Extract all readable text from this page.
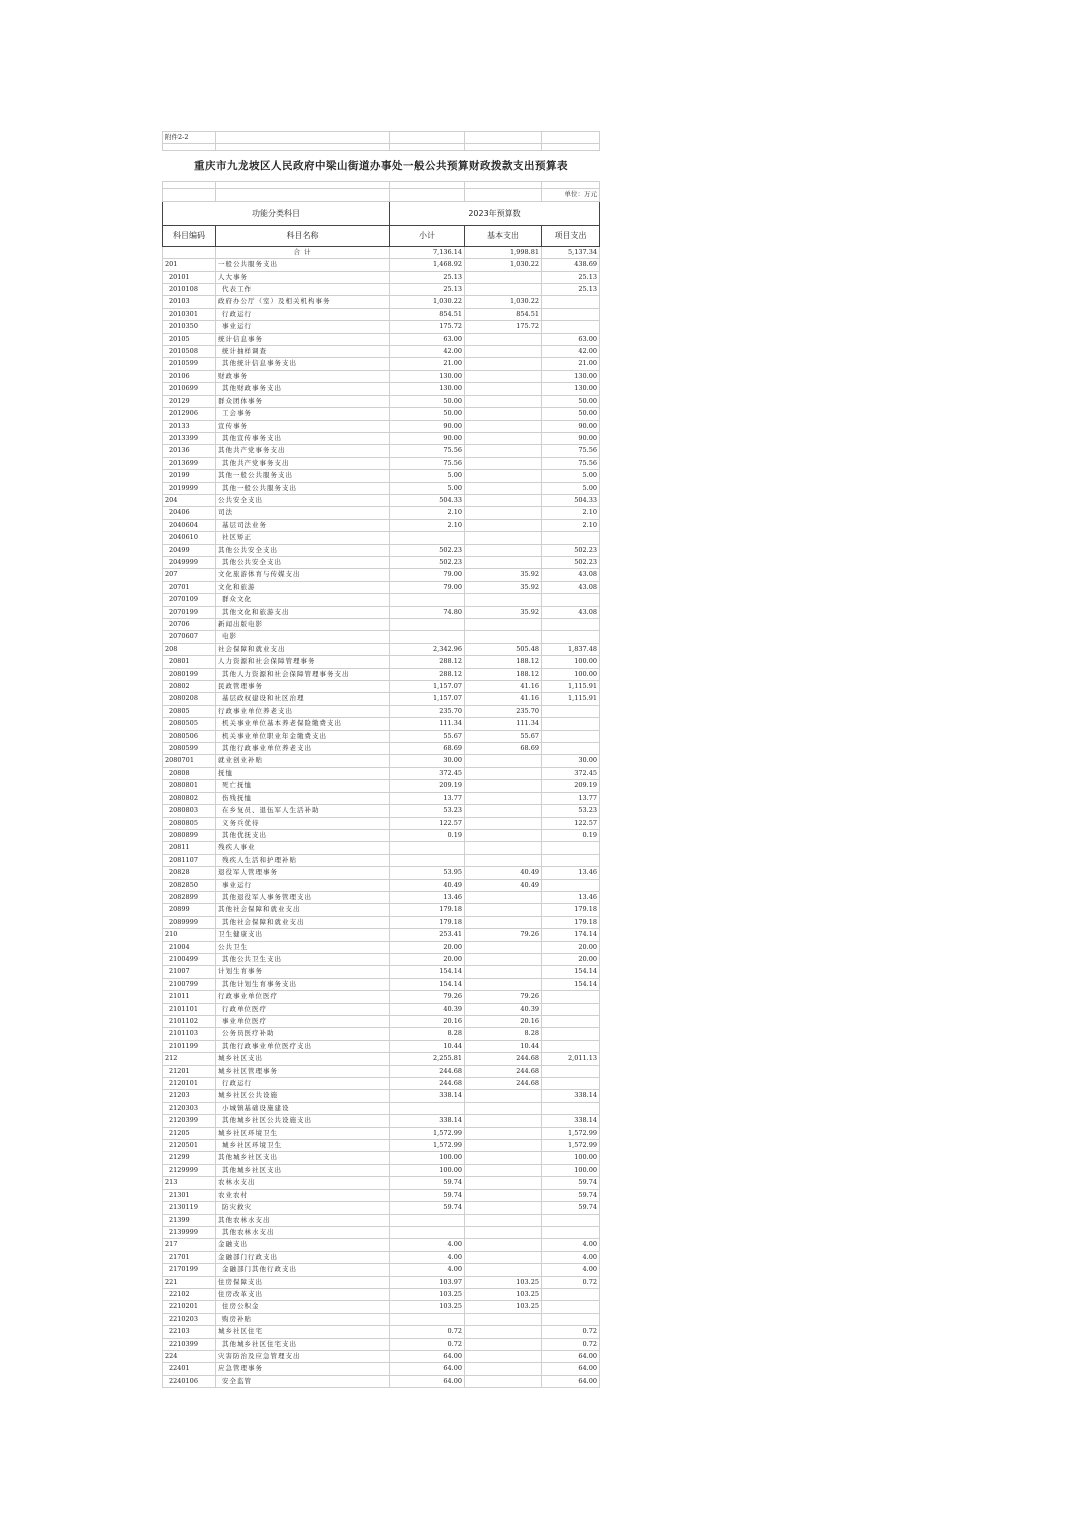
附件2-2				

重庆市九龙坡区人民政府中梁山街道办事处一般公共预算财政拨款支出预算表				

				单位：万元
功能分类科目		2023年预算数		
科目编码	科目名称	小计	基本支出	项目支出
	合 计	7,136.14	1,998.81	5,137.34
201	一般公共服务支出	1,468.92	1,030.22	438.69
20101	人大事务	25.13		25.13
2010108	代表工作	25.13		25.13
20103	政府办公厅（室）及相关机构事务	1,030.22	1,030.22	
2010301	行政运行	854.51	854.51	
2010350	事业运行	175.72	175.72	
20105	统计信息事务	63.00		63.00
2010508	统计抽样调查	42.00		42.00
2010599	其他统计信息事务支出	21.00		21.00
20106	财政事务	130.00		130.00
2010699	其他财政事务支出	130.00		130.00
20129	群众团体事务	50.00		50.00
2012906	工会事务	50.00		50.00
20133	宣传事务	90.00		90.00
2013399	其他宣传事务支出	90.00		90.00
20136	其他共产党事务支出	75.56		75.56
2013699	其他共产党事务支出	75.56		75.56
20199	其他一般公共服务支出	5.00		5.00
2019999	其他一般公共服务支出	5.00		5.00
204	公共安全支出	504.33		504.33
20406	司法	2.10		2.10
2040604	基层司法业务	2.10		2.10
2040610	社区矫正			
20499	其他公共安全支出	502.23		502.23
2049999	其他公共安全支出	502.23		502.23
207	文化旅游体育与传媒支出	79.00	35.92	43.08
20701	文化和旅游	79.00	35.92	43.08
2070109	群众文化			
2070199	其他文化和旅游支出	74.80	35.92	43.08
20706	新闻出版电影			
2070607	电影			
208	社会保障和就业支出	2,342.96	505.48	1,837.48
20801	人力资源和社会保障管理事务	288.12	188.12	100.00
2080199	其他人力资源和社会保障管理事务支出	288.12	188.12	100.00
20802	民政管理事务	1,157.07	41.16	1,115.91
2080208	基层政权建设和社区治理	1,157.07	41.16	1,115.91
20805	行政事业单位养老支出	235.70	235.70	
2080505	机关事业单位基本养老保险缴费支出	111.34	111.34	
2080506	机关事业单位职业年金缴费支出	55.67	55.67	
2080599	其他行政事业单位养老支出	68.69	68.69	
2080701	就业创业补贴	30.00		30.00
20808	抚恤	372.45		372.45
2080801	死亡抚恤	209.19		209.19
2080802	伤残抚恤	13.77		13.77
2080803	在乡复员、退伍军人生活补助	53.23		53.23
2080805	义务兵优待	122.57		122.57
2080899	其他优抚支出	0.19		0.19
20811	残疾人事业			
2081107	残疾人生活和护理补贴			
20828	退役军人管理事务	53.95	40.49	13.46
2082850	事业运行	40.49	40.49	
2082899	其他退役军人事务管理支出	13.46		13.46
20899	其他社会保障和就业支出	179.18		179.18
2089999	其他社会保障和就业支出	179.18		179.18
210	卫生健康支出	253.41	79.26	174.14
21004	公共卫生	20.00		20.00
2100499	其他公共卫生支出	20.00		20.00
21007	计划生育事务	154.14		154.14
2100799	其他计划生育事务支出	154.14		154.14
21011	行政事业单位医疗	79.26	79.26	
2101101	行政单位医疗	40.39	40.39	
2101102	事业单位医疗	20.16	20.16	
2101103	公务员医疗补助	8.28	8.28	
2101199	其他行政事业单位医疗支出	10.44	10.44	
212	城乡社区支出	2,255.81	244.68	2,011.13
21201	城乡社区管理事务	244.68	244.68	
2120101	行政运行	244.68	244.68	
21203	城乡社区公共设施	338.14		338.14
2120303	小城镇基础设施建设			
2120399	其他城乡社区公共设施支出	338.14		338.14
21205	城乡社区环境卫生	1,572.99		1,572.99
2120501	城乡社区环境卫生	1,572.99		1,572.99
21299	其他城乡社区支出	100.00		100.00
2129999	其他城乡社区支出	100.00		100.00
213	农林水支出	59.74		59.74
21301	农业农村	59.74		59.74
2130119	防灾救灾	59.74		59.74
21399	其他农林水支出			
2139999	其他农林水支出			
217	金融支出	4.00		4.00
21701	金融部门行政支出	4.00		4.00
2170199	金融部门其他行政支出	4.00		4.00
221	住房保障支出	103.97	103.25	0.72
22102	住房改革支出	103.25	103.25	
2210201	住房公积金	103.25	103.25	
2210203	购房补贴			
22103	城乡社区住宅	0.72		0.72
2210399	其他城乡社区住宅支出	0.72		0.72
224	灾害防治及应急管理支出	64.00		64.00
22401	应急管理事务	64.00		64.00
2240106	安全监管	64.00		64.00
